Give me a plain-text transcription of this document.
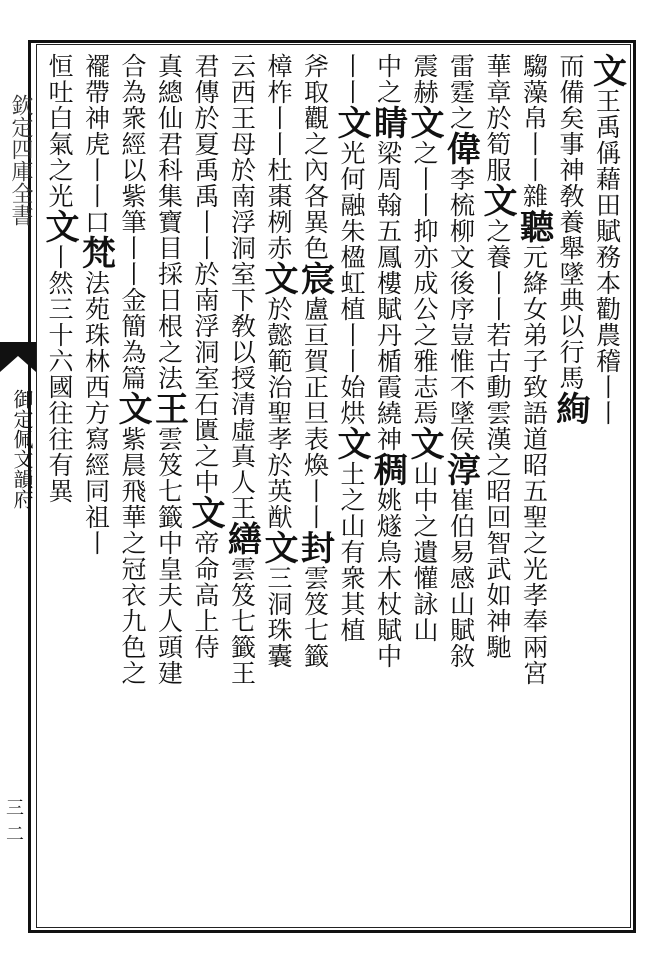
欽定四庫全書
御定佩文韻府
三二
文王禹偁藉田賦務本勸農稽丨丨
而備矣事神敎養舉墜典以行馬絢
騶藻帛丨丨雜聽元絳女弟子致語道昭五聖之光孝奉兩宮
華章於筍服文之養丨丨若古動雲漢之昭回智武如神馳
雷霆之偉李梳柳文後序豈惟不墜侯淳崔伯易感山賦敘
震赫文之丨丨抑亦成公之雅志焉文山中之遺懽詠山
中之睛梁周翰五鳳樓賦丹楯霞繞神稠姚燧烏木杖賦中
丨丨文光何融朱楹虹植丨丨始烘文土之山有衆其植
斧取觀之內各異色宸盧亘賀正旦表煥丨丨封雲笈七籤
樟柞丨丨杜棗栵赤文於懿範治聖孝於英猷文三洞珠囊
云西王母於南浮洞室下敎以授清虛真人王繕雲笈七籤王
君傳於夏禹禹丨丨於南浮洞室石匱之中文帝命高上侍
真總仙君科集寶目採日根之法王雲笈七籤中皇夫人頭建
合為衆經以紫筆丨丨金簡為篇文紫晨飛華之冠衣九色之
襬帶神虎丨丨口梵法苑珠林西方寫經同祖丨
恒吐白氣之光文丨然三十六國往往有異
